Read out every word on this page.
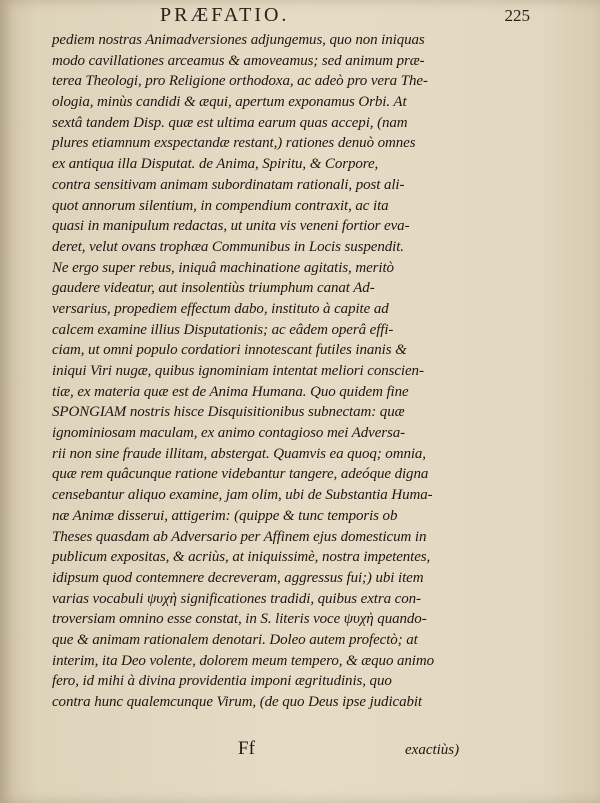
PRÆFATIO.	225
pediem nostras Animadversiones adjungemus, quo non iniquas
modo cavillationes arceamus & amoveamus; sed animum præ-
terea Theologi, pro Religione orthodoxa, ac adeò pro vera The-
ologia, minùs candidi & æqui, apertum exponamus Orbi. At
sextâ tandem Disp. quæ est ultima earum quas accepi, (nam
plures etiamnum exspectandæ restant,) rationes denuò omnes
ex antiqua illa Disputat. de Anima, Spiritu, & Corpore,
contra sensitivam animam subordinatam rationali, post ali-
quot annorum silentium, in compendium contraxit, ac ita
quasi in manipulum redactas, ut unita vis veneni fortior eva-
deret, velut ovans trophæa Communibus in Locis suspendit.
Ne ergo super rebus, iniquâ machinatione agitatis, meritò
gaudere videatur, aut insolentiùs triumphum canat Ad-
versarius, propediem effectum dabo, instituto à capite ad
calcem examine illius Disputationis; ac eâdem operâ effi-
ciam, ut omni populo cordatiori innotescant futiles inanis &
iniqui Viri nugæ, quibus ignominiam intentat meliori conscien-
tiæ, ex materia quæ est de Anima Humana. Quo quidem fine
SPONGIAM nostris hisce Disquisitionibus subnectam: quæ
ignominiosam maculam, ex animo contagioso mei Adversa-
rii non sine fraude illitam, abstergat. Quamvis ea quoq; omnia,
quæ rem quâcunque ratione videbantur tangere, adeóque digna
censebantur aliquo examine, jam olim, ubi de Substantia Huma-
næ Animæ disserui, attigerim: (quippe & tunc temporis ob
Theses quasdam ab Adversario per Affinem ejus domesticum in
publicum expositas, & acriùs, at iniquissimè, nostra impetentes,
idipsum quod contemnere decreveram, aggressus fui;) ubi item
varias vocabuli ψυχὴ significationes tradidi, quibus extra con-
troversiam omnino esse constat, in S. literis voce ψυχὴ quando-
que & animam rationalem denotari. Doleo autem profectò; at
interim, ita Deo volente, dolorem meum tempero, & æquo animo
fero, id mihi à divina providentia imponi ægritudinis, quo
contra hunc qualemcunque Virum, (de quo Deus ipse judicabit
Ff	exactiùs)
